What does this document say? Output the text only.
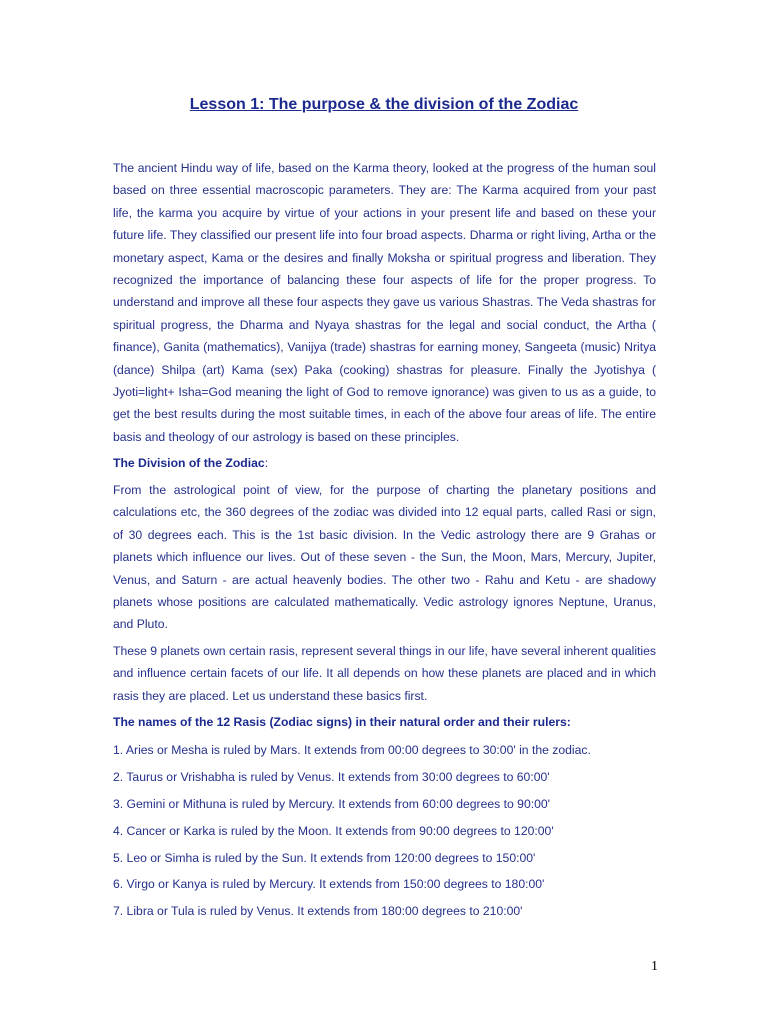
Lesson 1: The purpose & the division of the Zodiac

The ancient Hindu way of life, based on the Karma theory, looked at the progress of the human soul based on three essential macroscopic parameters. They are: The Karma acquired from your past life, the karma you acquire by virtue of your actions in your present life and based on these your future life. They classified our present life into four broad aspects. Dharma or right living, Artha or the monetary aspect, Kama or the desires and finally Moksha or spiritual progress and liberation. They recognized the importance of balancing these four aspects of life for the proper progress. To understand and improve all these four aspects they gave us various Shastras. The Veda shastras for spiritual progress, the Dharma and Nyaya shastras for the legal and social conduct, the Artha ( finance), Ganita (mathematics), Vanijya (trade) shastras for earning money, Sangeeta (music) Nritya (dance) Shilpa (art) Kama (sex) Paka (cooking) shastras for pleasure. Finally the Jyotishya ( Jyoti=light+ Isha=God meaning the light of God to remove ignorance) was given to us as a guide, to get the best results during the most suitable times, in each of the above four areas of life. The entire basis and theology of our astrology is based on these principles.

The Division of the Zodiac:

From the astrological point of view, for the purpose of charting the planetary positions and calculations etc, the 360 degrees of the zodiac was divided into 12 equal parts, called Rasi or sign, of 30 degrees each. This is the 1st basic division. In the Vedic astrology there are 9 Grahas or planets which influence our lives. Out of these seven - the Sun, the Moon, Mars, Mercury, Jupiter, Venus, and Saturn - are actual heavenly bodies. The other two - Rahu and Ketu - are shadowy planets whose positions are calculated mathematically. Vedic astrology ignores Neptune, Uranus, and Pluto.

These 9 planets own certain rasis, represent several things in our life, have several inherent qualities and influence certain facets of our life. It all depends on how these planets are placed and in which rasis they are placed. Let us understand these basics first.

The names of the 12 Rasis (Zodiac signs) in their natural order and their rulers:

1. Aries or Mesha is ruled by Mars. It extends from 00:00 degrees to 30:00' in the zodiac.
2. Taurus or Vrishabha is ruled by Venus. It extends from 30:00 degrees to 60:00'
3. Gemini or Mithuna is ruled by Mercury. It extends from 60:00 degrees to 90:00'
4. Cancer or Karka is ruled by the Moon. It extends from 90:00 degrees to 120:00'
5. Leo or Simha is ruled by the Sun. It extends from 120:00 degrees to 150:00'
6. Virgo or Kanya is ruled by Mercury. It extends from 150:00 degrees to 180:00'
7. Libra or Tula is ruled by Venus. It extends from 180:00 degrees to 210:00'

1
